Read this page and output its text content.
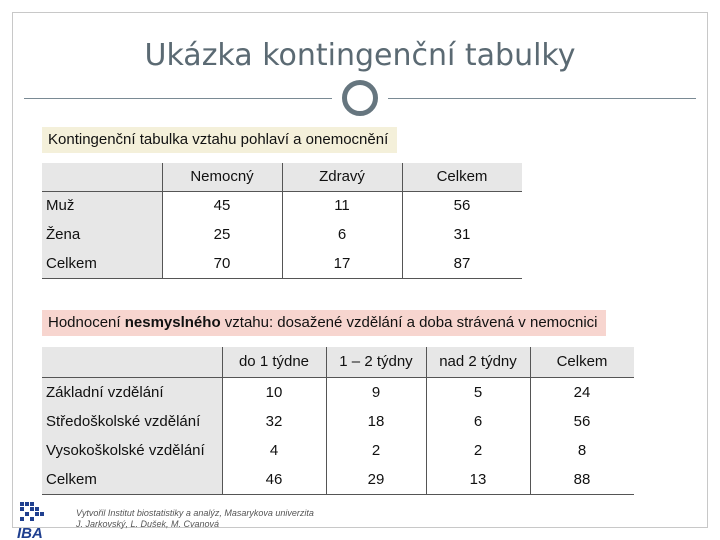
Ukázka kontingenční tabulky
Kontingenční tabulka vztahu pohlaví a onemocnění
Nemocný	Zdravý	Celkem
Muž	45	11	56
Žena	25	6	31
Celkem	70	17	87
Hodnocení nesmyslného vztahu: dosažené vzdělání a doba strávená v nemocnici
do 1 týdne	1 – 2 týdny	nad 2 týdny	Celkem
Základní vzdělání	10	9	5	24
Středoškolské vzdělání	32	18	6	56
Vysokoškolské vzdělání	4	2	2	8
Celkem	46	29	13	88
IBA
Vytvořil Institut biostatistiky a analýz, Masarykova univerzita
J. Jarkovský, L. Dušek, M. Cvanová
